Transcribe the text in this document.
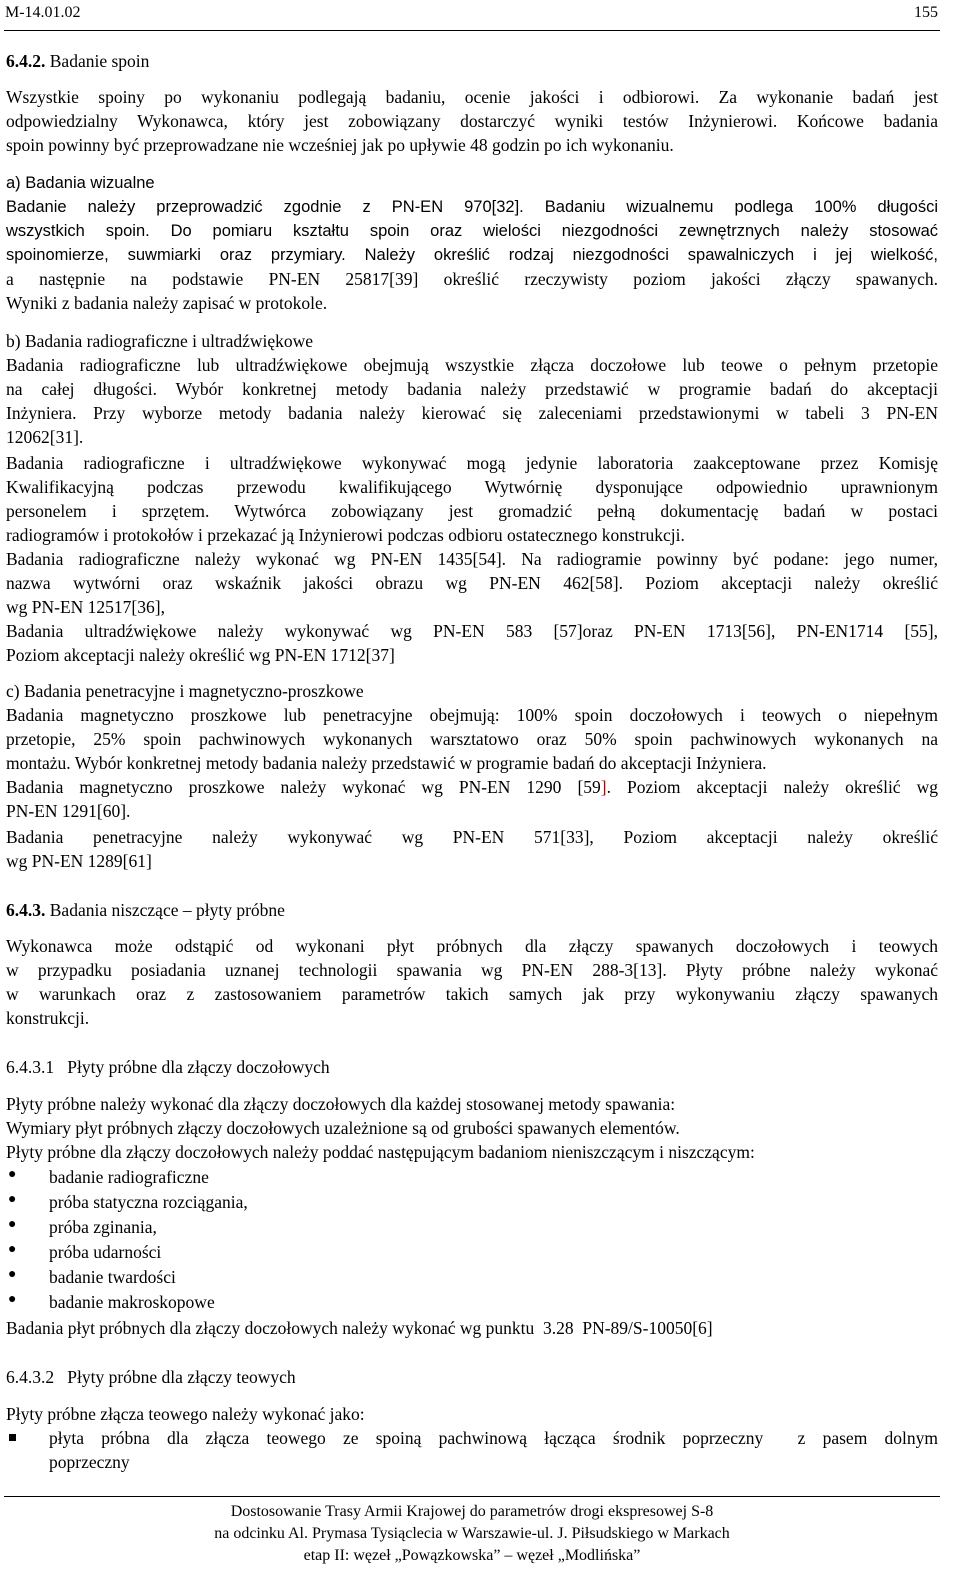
M-14.01.02	155
6.4.2. Badanie spoin
Wszystkie spoiny po wykonaniu podlegają badaniu, ocenie jakości i odbiorowi. Za wykonanie badań jest
odpowiedzialny Wykonawca, który jest zobowiązany dostarczyć wyniki testów Inżynierowi. Końcowe badania
spoin powinny być przeprowadzane nie wcześniej jak po upływie 48 godzin po ich wykonaniu.
a) Badania wizualne
Badanie należy przeprowadzić zgodnie z PN-EN 970[32]. Badaniu wizualnemu podlega 100% długości
wszystkich spoin. Do pomiaru kształtu spoin oraz wielości niezgodności zewnętrznych należy stosować
spoinomierze, suwmiarki oraz przymiary. Należy określić rodzaj niezgodności spawalniczych i jej wielkość,
a następnie na podstawie PN-EN 25817[39] określić rzeczywisty poziom jakości złączy spawanych.
Wyniki z badania należy zapisać w protokole.
b) Badania radiograficzne i ultradźwiękowe
Badania radiograficzne lub ultradźwiękowe obejmują wszystkie złącza doczołowe lub teowe o pełnym przetopie
na całej długości. Wybór konkretnej metody badania należy przedstawić w programie badań do akceptacji
Inżyniera. Przy wyborze metody badania należy kierować się zaleceniami przedstawionymi w tabeli 3 PN-EN
12062[31].
Badania radiograficzne i ultradźwiękowe wykonywać mogą jedynie laboratoria zaakceptowane przez Komisję
Kwalifikacyjną podczas przewodu kwalifikującego Wytwórnię dysponujące odpowiednio uprawnionym
personelem i sprzętem. Wytwórca zobowiązany jest gromadzić pełną dokumentację badań w postaci
radiogramów i protokołów i przekazać ją Inżynierowi podczas odbioru ostatecznego konstrukcji.
Badania radiograficzne należy wykonać wg PN-EN 1435[54]. Na radiogramie powinny być podane: jego numer,
nazwa wytwórni oraz wskaźnik jakości obrazu wg PN-EN 462[58]. Poziom akceptacji należy określić
wg PN-EN 12517[36],
Badania ultradźwiękowe należy wykonywać wg PN-EN 583 [57]oraz PN-EN 1713[56], PN-EN1714 [55],
Poziom akceptacji należy określić wg PN-EN 1712[37]
c) Badania penetracyjne i magnetyczno-proszkowe
Badania magnetyczno proszkowe lub penetracyjne obejmują: 100% spoin doczołowych i teowych o niepełnym
przetopie, 25% spoin pachwinowych wykonanych warsztatowo oraz 50% spoin pachwinowych wykonanych na
montażu. Wybór konkretnej metody badania należy przedstawić w programie badań do akceptacji Inżyniera.
Badania magnetyczno proszkowe należy wykonać wg PN-EN 1290 [59]. Poziom akceptacji należy określić wg
PN-EN 1291[60].
Badania penetracyjne należy wykonywać wg PN-EN 571[33], Poziom akceptacji należy określić
wg PN-EN 1289[61]
6.4.3. Badania niszczące – płyty próbne
Wykonawca może odstąpić od wykonani płyt próbnych dla złączy spawanych doczołowych i teowych
w przypadku posiadania uznanej technologii spawania wg PN-EN 288-3[13]. Płyty próbne należy wykonać
w warunkach oraz z zastosowaniem parametrów takich samych jak przy wykonywaniu złączy spawanych
konstrukcji.
6.4.3.1   Płyty próbne dla złączy doczołowych
Płyty próbne należy wykonać dla złączy doczołowych dla każdej stosowanej metody spawania:
Wymiary płyt próbnych złączy doczołowych uzależnione są od grubości spawanych elementów.
Płyty próbne dla złączy doczołowych należy poddać następującym badaniom nieniszczącym i niszczącym:
● badanie radiograficzne
● próba statyczna rozciągania,
● próba zginania,
● próba udarności
● badanie twardości
● badanie makroskopowe
Badania płyt próbnych dla złączy doczołowych należy wykonać wg punktu  3.28  PN-89/S-10050[6]
6.4.3.2   Płyty próbne dla złączy teowych
Płyty próbne złącza teowego należy wykonać jako:
płyta próbna dla złącza teowego ze spoiną pachwinową łącząca środnik poprzeczny  z pasem dolnym
poprzeczny
Dostosowanie Trasy Armii Krajowej do parametrów drogi ekspresowej S-8
na odcinku Al. Prymasa Tysiąclecia w Warszawie-ul. J. Piłsudskiego w Markach
etap II: węzeł „Powązkowska” – węzeł „Modlińska”
